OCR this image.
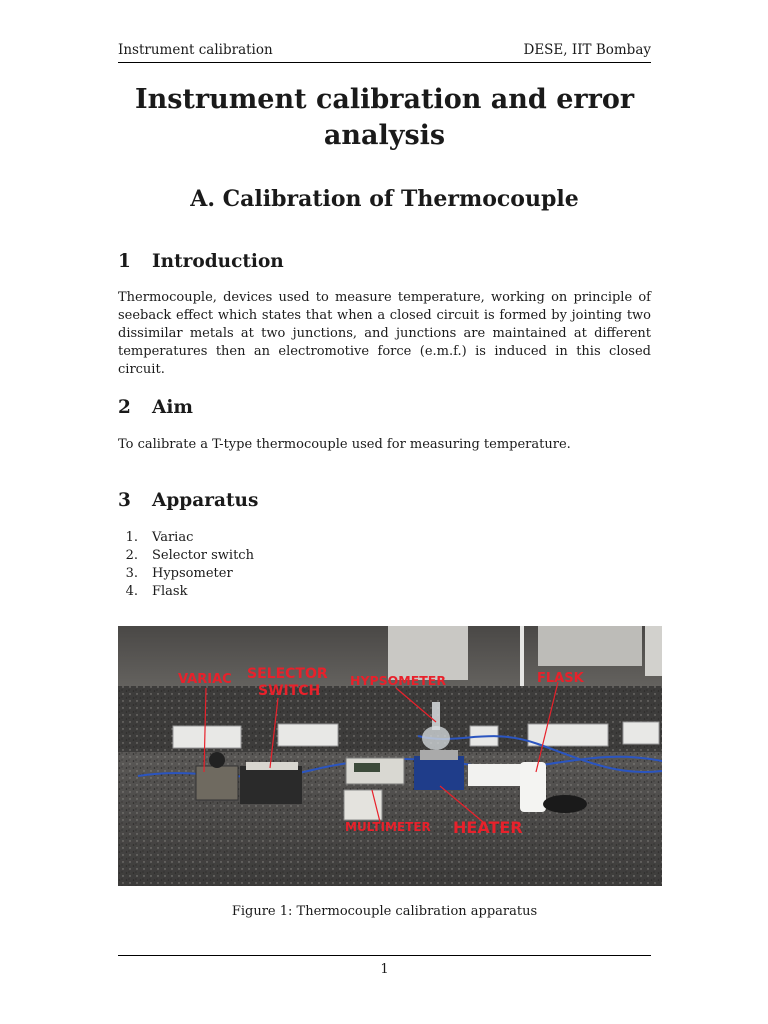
Instrument calibration	DESE, IIT Bombay
Instrument calibration and error analysis
A. Calibration of Thermocouple
1 Introduction
Thermocouple, devices used to measure temperature, working on principle of seeback effect which states that when a closed circuit is formed by jointing two dissimilar metals at two junctions, and junctions are maintained at different temperatures then an electromotive force (e.m.f.) is induced in this closed circuit.
2 Aim
To calibrate a T-type thermocouple used for measuring temperature.
3 Apparatus
1. Variac
2. Selector switch
3. Hypsometer
4. Flask
VARIAC SELECTOR
SWITCH
HYPSOMETER	FLASK
MULTIMETER HEATER
Figure 1: Thermocouple calibration apparatus
1
